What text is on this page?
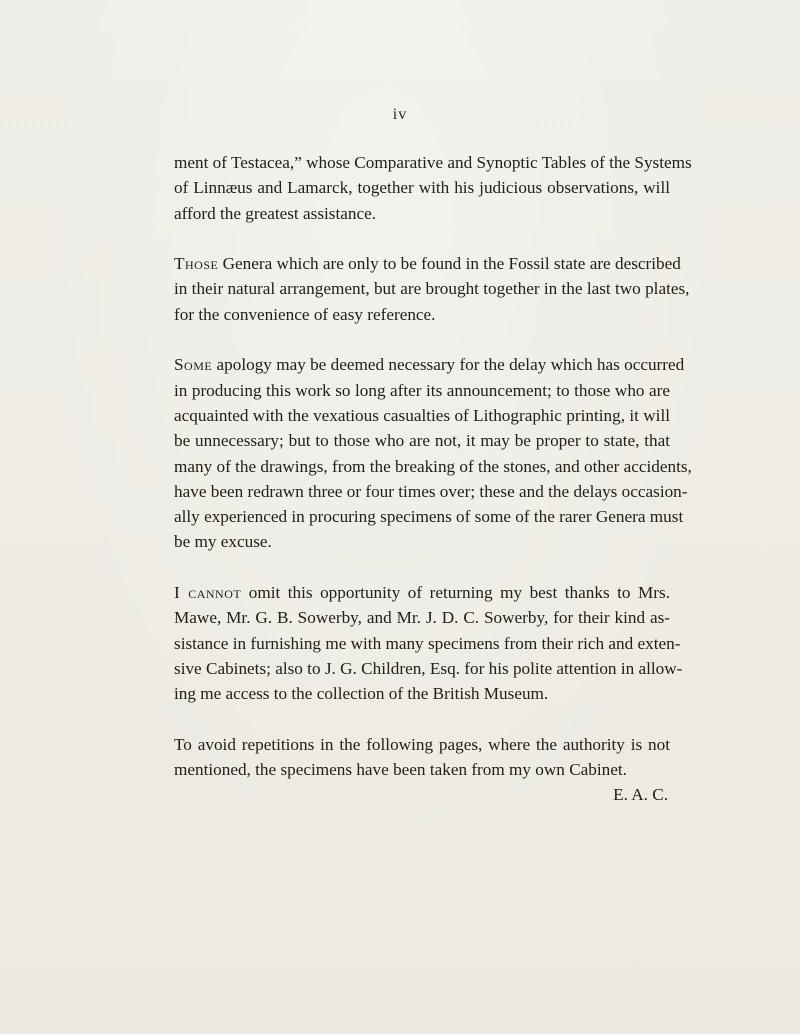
iv

ment of Testacea,” whose Comparative and Synoptic Tables of the Systems
of Linnæus and Lamarck, together with his judicious observations, will
afford the greatest assistance.

Those Genera which are only to be found in the Fossil state are described
in their natural arrangement, but are brought together in the last two plates,
for the convenience of easy reference.

Some apology may be deemed necessary for the delay which has occurred
in producing this work so long after its announcement; to those who are
acquainted with the vexatious casualties of Lithographic printing, it will
be unnecessary; but to those who are not, it may be proper to state, that
many of the drawings, from the breaking of the stones, and other accidents,
have been redrawn three or four times over; these and the delays occasion-
ally experienced in procuring specimens of some of the rarer Genera must
be my excuse.

I cannot omit this opportunity of returning my best thanks to Mrs.
Mawe, Mr. G. B. Sowerby, and Mr. J. D. C. Sowerby, for their kind as-
sistance in furnishing me with many specimens from their rich and exten-
sive Cabinets; also to J. G. Children, Esq. for his polite attention in allow-
ing me access to the collection of the British Museum.

To avoid repetitions in the following pages, where the authority is not
mentioned, the specimens have been taken from my own Cabinet.
E. A. C.
